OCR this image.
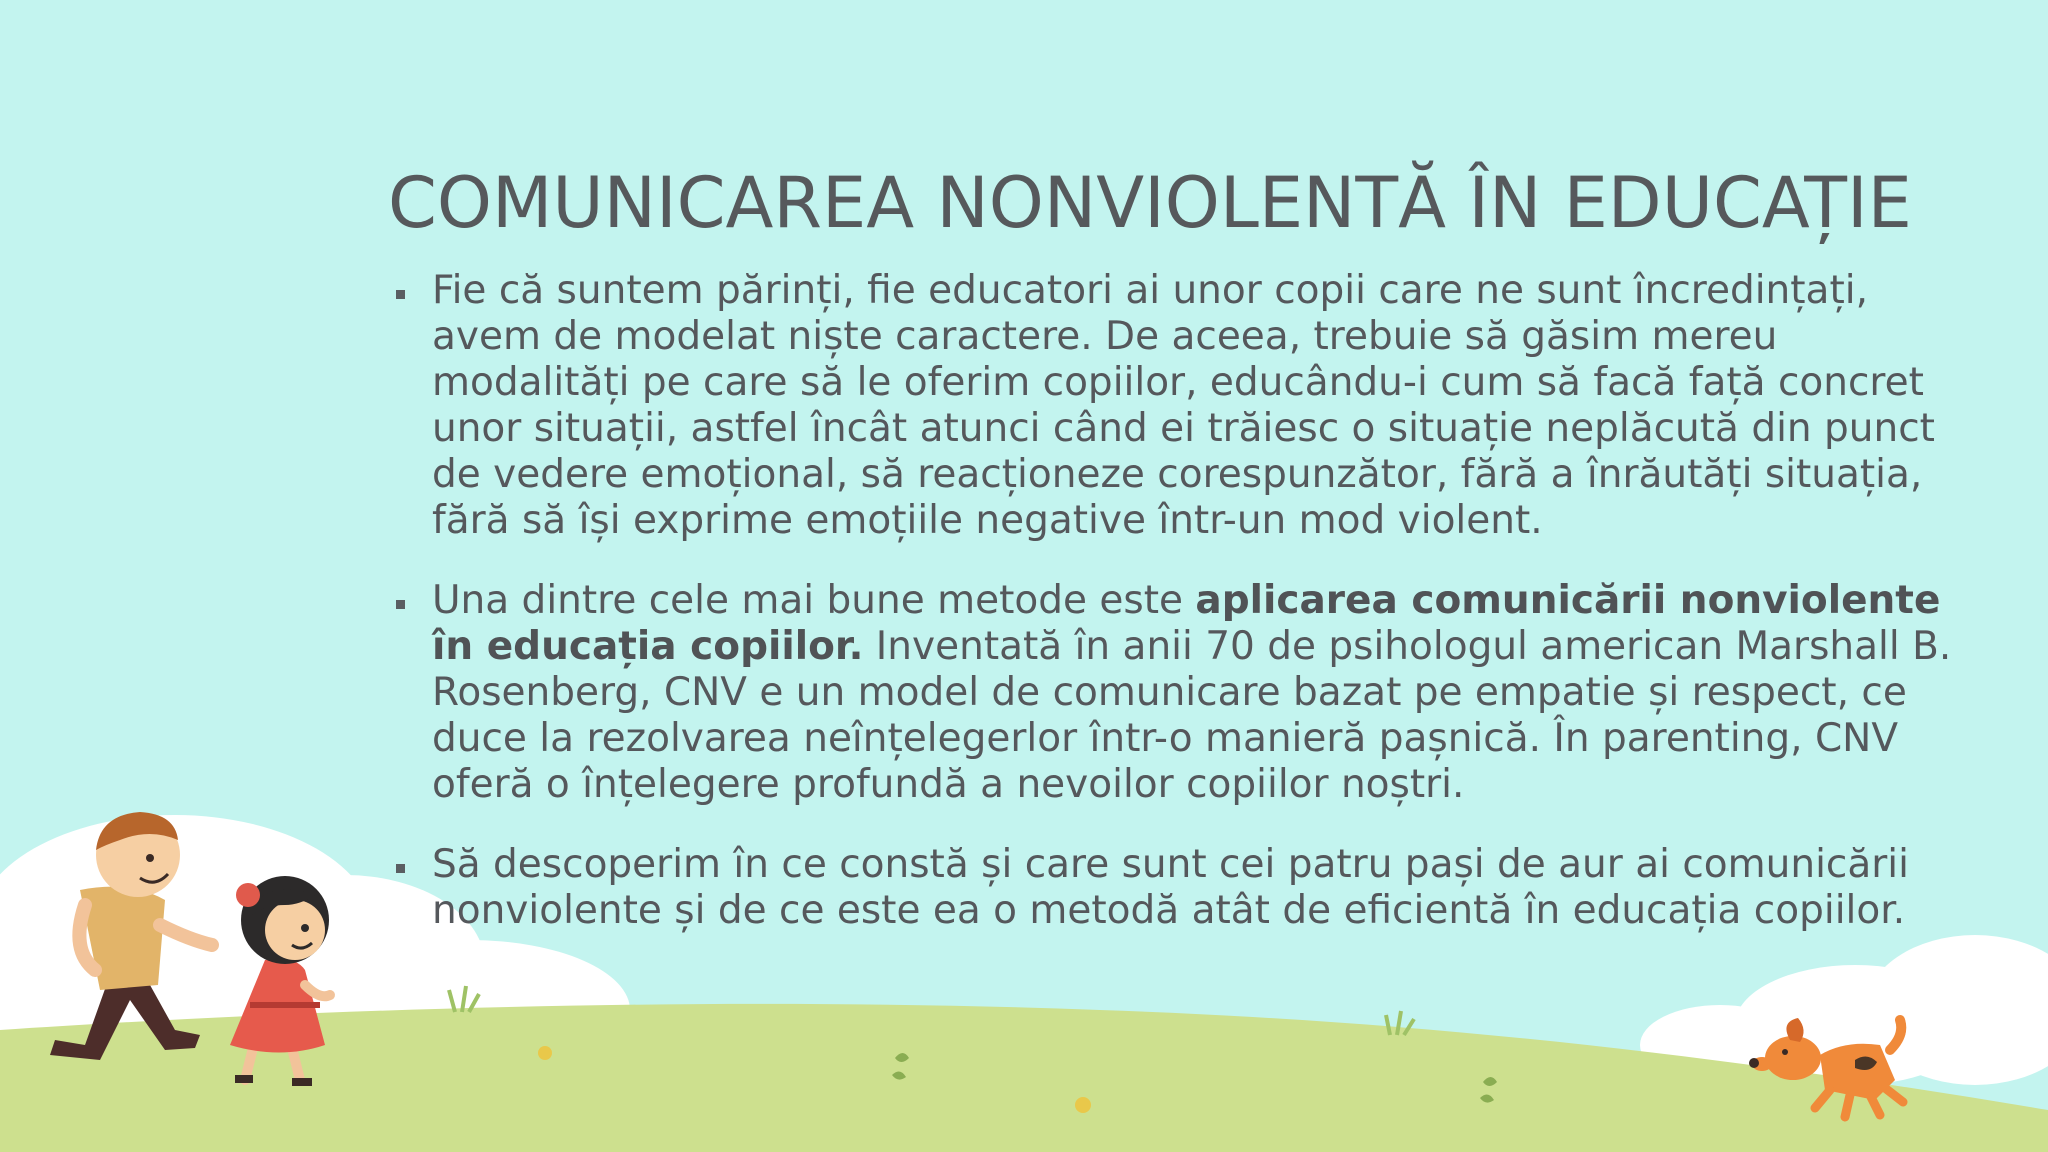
COMUNICAREA NONVIOLENTĂ ÎN EDUCAȚIE
Fie că suntem părinți, fie educatori ai unor copii care ne sunt încredințați, avem de modelat niște caractere. De aceea, trebuie să găsim mereu modalități pe care să le oferim copiilor, educându-i cum să facă față concret unor situații, astfel încât atunci când ei trăiesc o situație neplăcută din punct de vedere emoțional, să reacționeze corespunzător, fără a înrăutăți situația, fără să își exprime emoțiile negative într-un mod violent.
Una dintre cele mai bune metode este aplicarea comunicării nonviolente în educația copiilor. Inventată în anii 70 de psihologul american Marshall B. Rosenberg, CNV e un model de comunicare bazat pe empatie și respect, ce duce la rezolvarea neînțelegerlor într-o manieră pașnică. În parenting, CNV oferă o înțelegere profundă a nevoilor copiilor noștri.
Să descoperim în ce constă și care sunt cei patru pași de aur ai comunicării nonviolente și de ce este ea o metodă atât de eficientă în educația copiilor.
